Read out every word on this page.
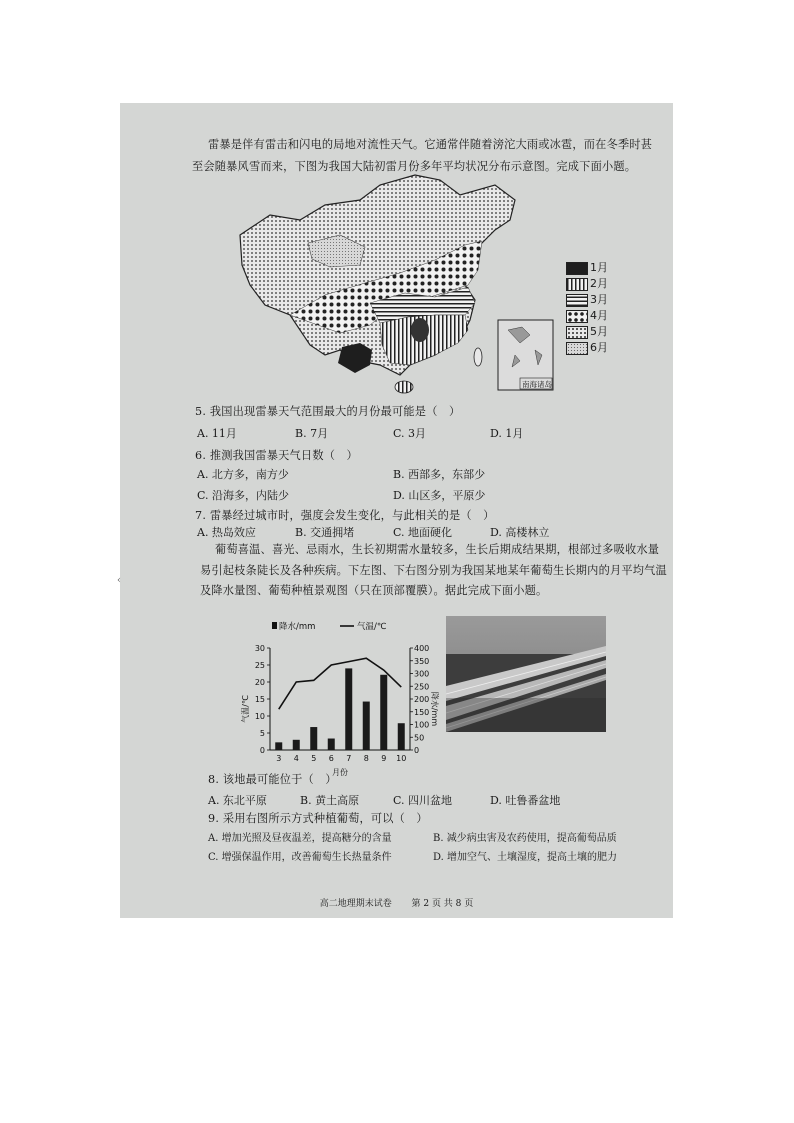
雷暴是伴有雷击和闪电的局地对流性天气。它通常伴随着滂沱大雨或冰雹，而在冬季时甚
至会随暴风雪而来，下图为我国大陆初雷月份多年平均状况分布示意图。完成下面小题。
南海诸岛
1月
2月
3月
4月
5月
6月
5. 我国出现雷暴天气范围最大的月份最可能是（　）
A. 11月	B. 7月	C. 3月	D. 1月
6. 推测我国雷暴天气日数（　）
A. 北方多，南方少	B. 西部多，东部少
C. 沿海多，内陆少	D. 山区多，平原少
7. 雷暴经过城市时，强度会发生变化，与此相关的是（　）
A. 热岛效应	B. 交通拥堵	C. 地面硬化	D. 高楼林立
葡萄喜温、喜光、忌雨水，生长初期需水量较多，生长后期成结果期，根部过多吸收水量
易引起枝条陡长及各种疾病。下左图、下右图分别为我国某地某年葡萄生长期内的月平均气温
及降水量图、葡萄种植景观图（只在顶部覆膜）。据此完成下面小题。
0
5
10
15
20
25
30
0
50
100
150
200
250
300
350
400
3 4 5 6 7 8 9 10
月份
气温/℃	降水/mm
降水/mm	气温/℃
8. 该地最可能位于（　）
A. 东北平原	B. 黄土高原	C. 四川盆地	D. 吐鲁番盆地
9. 采用右图所示方式种植葡萄，可以（　）
A. 增加光照及昼夜温差，提高糖分的含量	B. 减少病虫害及农药使用，提高葡萄品质
C. 增强保温作用，改善葡萄生长热量条件	D. 增加空气、土壤湿度，提高土壤的肥力
高二地理期末试卷 第 2 页 共 8 页
‹
